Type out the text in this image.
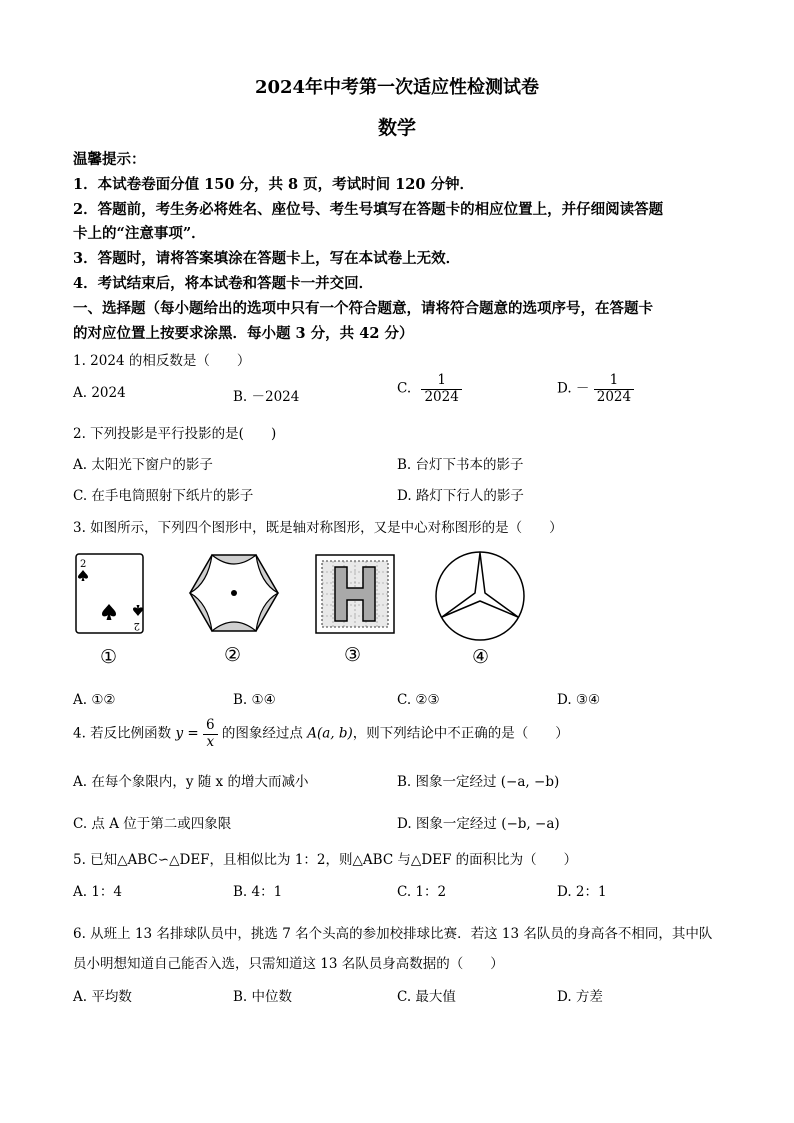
2024年中考第一次适应性检测试卷
数学
温馨提示：
1．本试卷卷面分值 150 分，共 8 页，考试时间 120 分钟．
2．答题前，考生务必将姓名、座位号、考生号填写在答题卡的相应位置上，并仔细阅读答题
卡上的“注意事项”．
3．答题时，请将答案填涂在答题卡上，写在本试卷上无效．
4．考试结束后，将本试卷和答题卡一并交回．
一、选择题（每小题给出的选项中只有一个符合题意，请将符合题意的选项序号，在答题卡
的对应位置上按要求涂黑．每小题 3 分，共 42 分）
1. 2024 的相反数是（　　）
A. 2024	B. －2024
C. $\frac{1}{2024}$	D. － $\frac{1}{2024}$
2. 下列投影是平行投影的是(　　)
A. 太阳光下窗户的影子	B. 台灯下书本的影子
C. 在手电筒照射下纸片的影子	D. 路灯下行人的影子
3. 如图所示，下列四个图形中，既是轴对称图形，又是中心对称图形的是（　　）
2
2
H
①	②	③	④
A. ①②	B. ①④	C. ②③	D. ③④
4. 若反比例函数 $y = \frac{6}{x}$ 的图象经过点 A(a, b)，则下列结论中不正确的是（　　）
A. 在每个象限内，y 随 x 的增大而减小	B. 图象一定经过 (−a, −b)
C. 点 A 位于第二或四象限	D. 图象一定经过 (−b, −a)
5. 已知△ABC∽△DEF，且相似比为 1：2，则△ABC 与△DEF 的面积比为（　　）
A. 1：4	B. 4：1	C. 1：2	D. 2：1
6. 从班上 13 名排球队员中，挑选 7 名个头高的参加校排球比赛．若这 13 名队员的身高各不相同，其中队
员小明想知道自己能否入选，只需知道这 13 名队员身高数据的（　　）
A. 平均数	B. 中位数	C. 最大值	D. 方差
